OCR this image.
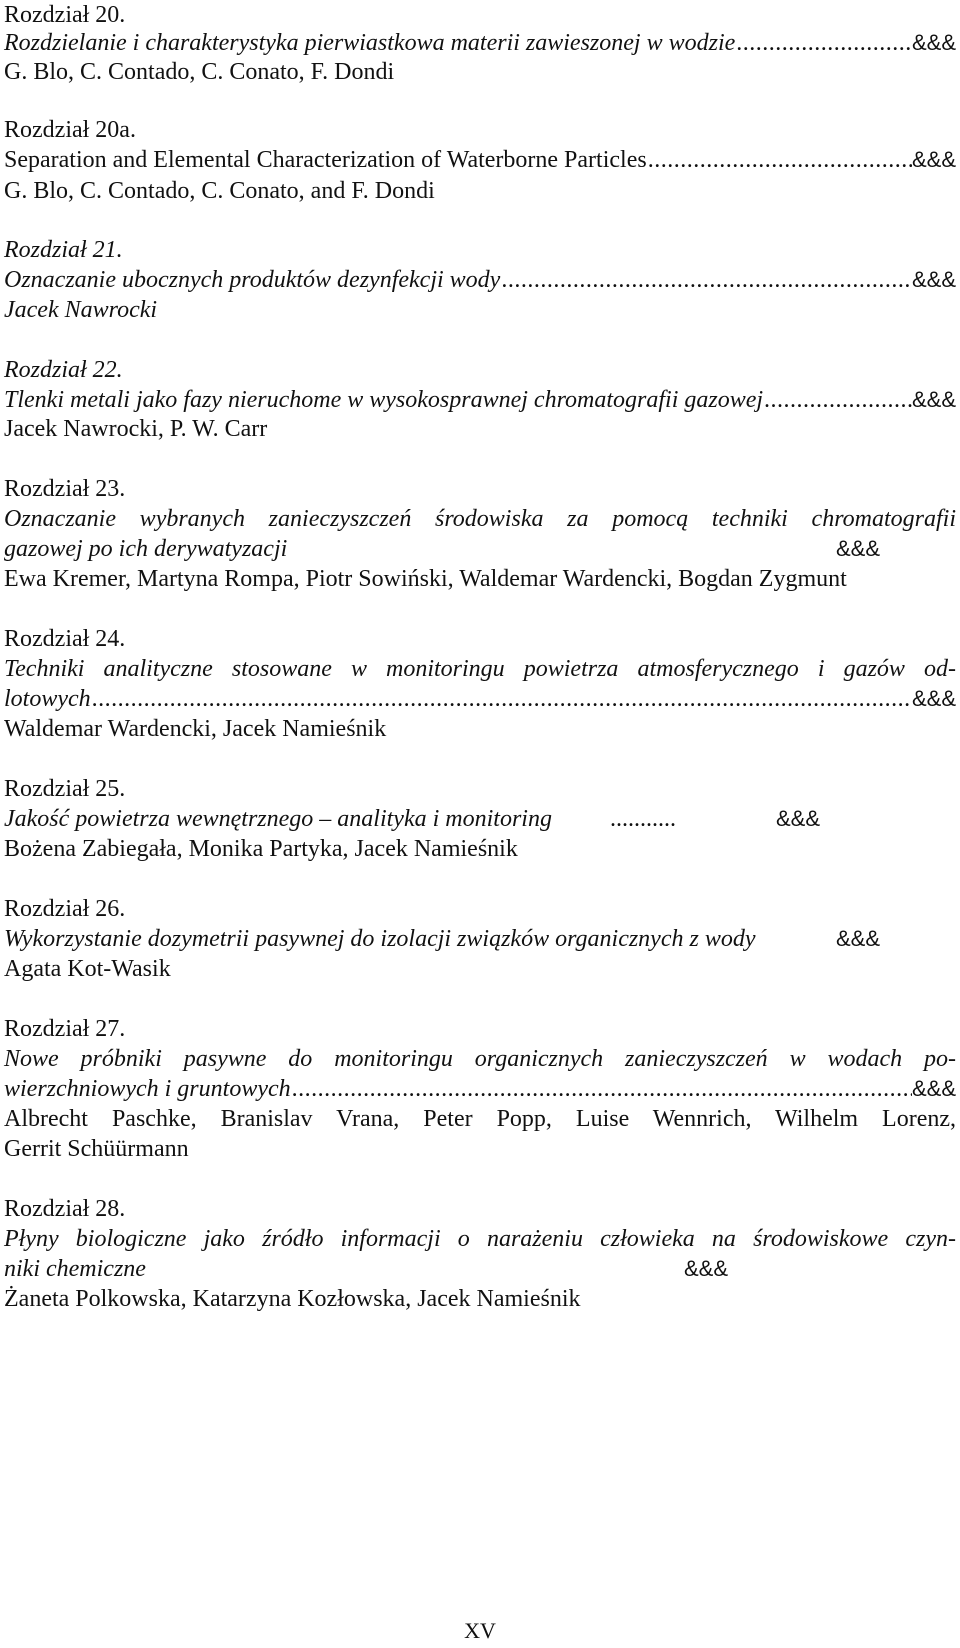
Rozdział 20.
Rozdzielanie i charakterystyka pierwiastkowa materii zawieszonej w wodzie .....	&&&
G. Blo, C. Contado, C. Conato, F. Dondi
Rozdział 20a.
Separation and Elemental Characterization of Waterborne Particles .....	&&&
G. Blo, C. Contado, C. Conato, and F. Dondi
Rozdział 21.
Oznaczanie ubocznych produktów dezynfekcji wody .....	&&&
Jacek Nawrocki
Rozdział 22.
Tlenki metali jako fazy nieruchome w wysokosprawnej chromatografii gazowej .....	&&&
Jacek Nawrocki, P. W. Carr
Rozdział 23.
Oznaczanie wybranych zanieczyszczeń środowiska za pomocą techniki chromatografii
gazowej po ich derywatyzacji	&&&
Ewa Kremer, Martyna Rompa, Piotr Sowiński, Waldemar Wardencki, Bogdan Zygmunt
Rozdział 24.
Techniki analityczne stosowane w monitoringu powietrza atmosferycznego i gazów od-
lotowych .....	&&&
Waldemar Wardencki, Jacek Namieśnik
Rozdział 25.
Jakość powietrza wewnętrznego – analityka i monitoring ...........	&&&
Bożena Zabiegała, Monika Partyka, Jacek Namieśnik
Rozdział 26.
Wykorzystanie dozymetrii pasywnej do izolacji związków organicznych z wody	&&&
Agata Kot-Wasik
Rozdział 27.
Nowe próbniki pasywne do monitoringu organicznych zanieczyszczeń w wodach po-
wierzchniowych i gruntowych .....	&&&
Albrecht Paschke, Branislav Vrana, Peter Popp, Luise Wennrich, Wilhelm Lorenz,
Gerrit Schüürmann
Rozdział 28.
Płyny biologiczne jako źródło informacji o narażeniu człowieka na środowiskowe czyn-
niki chemiczne	&&&
Żaneta Polkowska, Katarzyna Kozłowska, Jacek Namieśnik
XV
